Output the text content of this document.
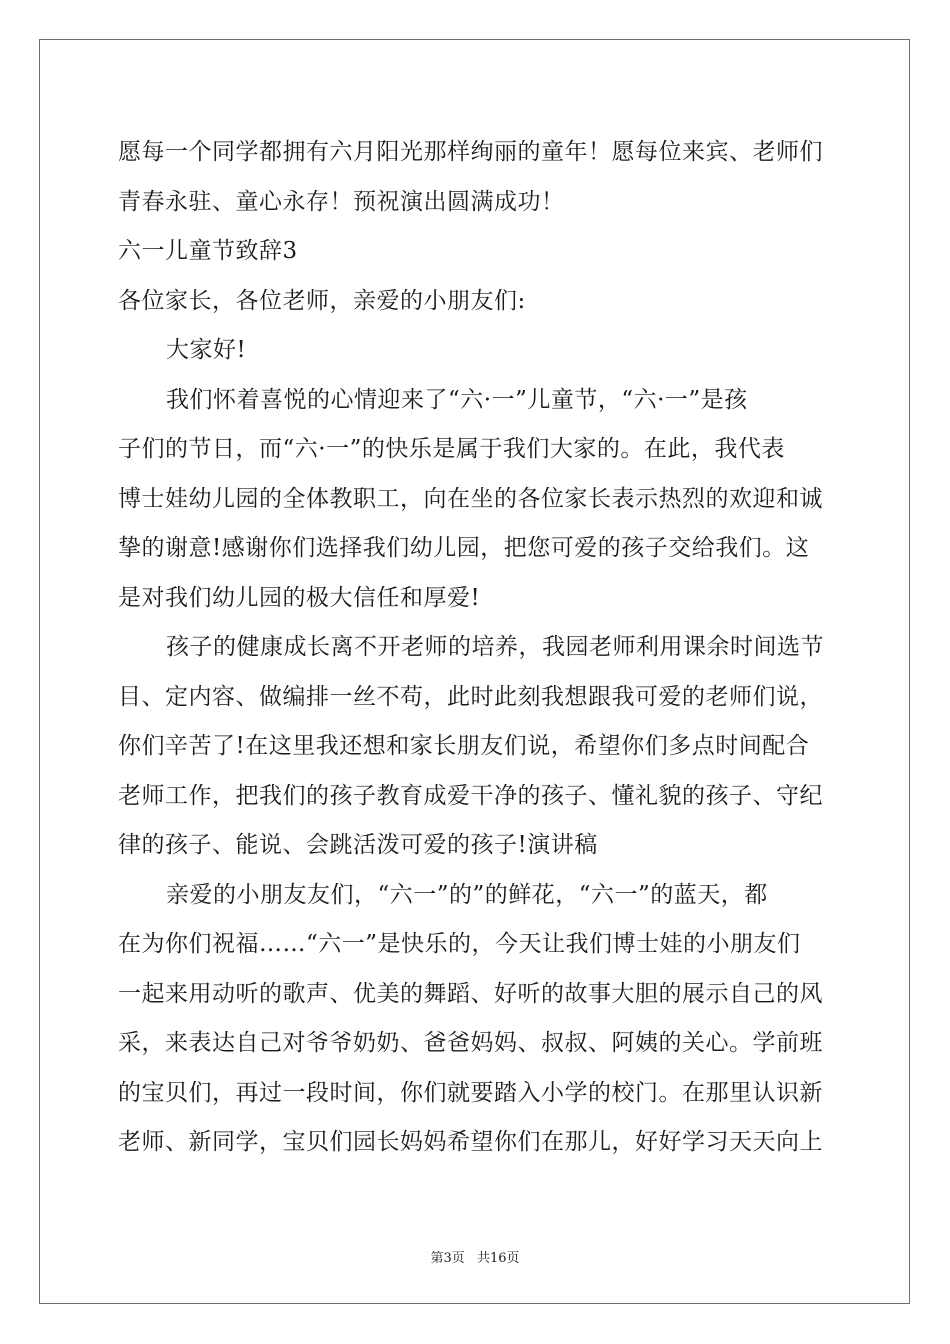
愿每一个同学都拥有六月阳光那样绚丽的童年！愿每位来宾、老师们
青春永驻、童心永存！预祝演出圆满成功！
六一儿童节致辞3
各位家长，各位老师，亲爱的小朋友们:
大家好!
我们怀着喜悦的心情迎来了“六·一”儿童节，“六·一”是孩
子们的节日，而“六·一”的快乐是属于我们大家的。在此，我代表
博士娃幼儿园的全体教职工，向在坐的各位家长表示热烈的欢迎和诚
挚的谢意!感谢你们选择我们幼儿园，把您可爱的孩子交给我们。这
是对我们幼儿园的极大信任和厚爱!
孩子的健康成长离不开老师的培养，我园老师利用课余时间选节
目、定内容、做编排一丝不苟，此时此刻我想跟我可爱的老师们说，
你们辛苦了!在这里我还想和家长朋友们说，希望你们多点时间配合
老师工作，把我们的孩子教育成爱干净的孩子、懂礼貌的孩子、守纪
律的孩子、能说、会跳活泼可爱的孩子!演讲稿
亲爱的小朋友友们，“六一”的”的鲜花，“六一”的蓝天，都
在为你们祝福……“六一”是快乐的，今天让我们博士娃的小朋友们
一起来用动听的歌声、优美的舞蹈、好听的故事大胆的展示自己的风
采，来表达自己对爷爷奶奶、爸爸妈妈、叔叔、阿姨的关心。学前班
的宝贝们，再过一段时间，你们就要踏入小学的校门。在那里认识新
老师、新同学，宝贝们园长妈妈希望你们在那儿，好好学习天天向上
第3页 共16页
